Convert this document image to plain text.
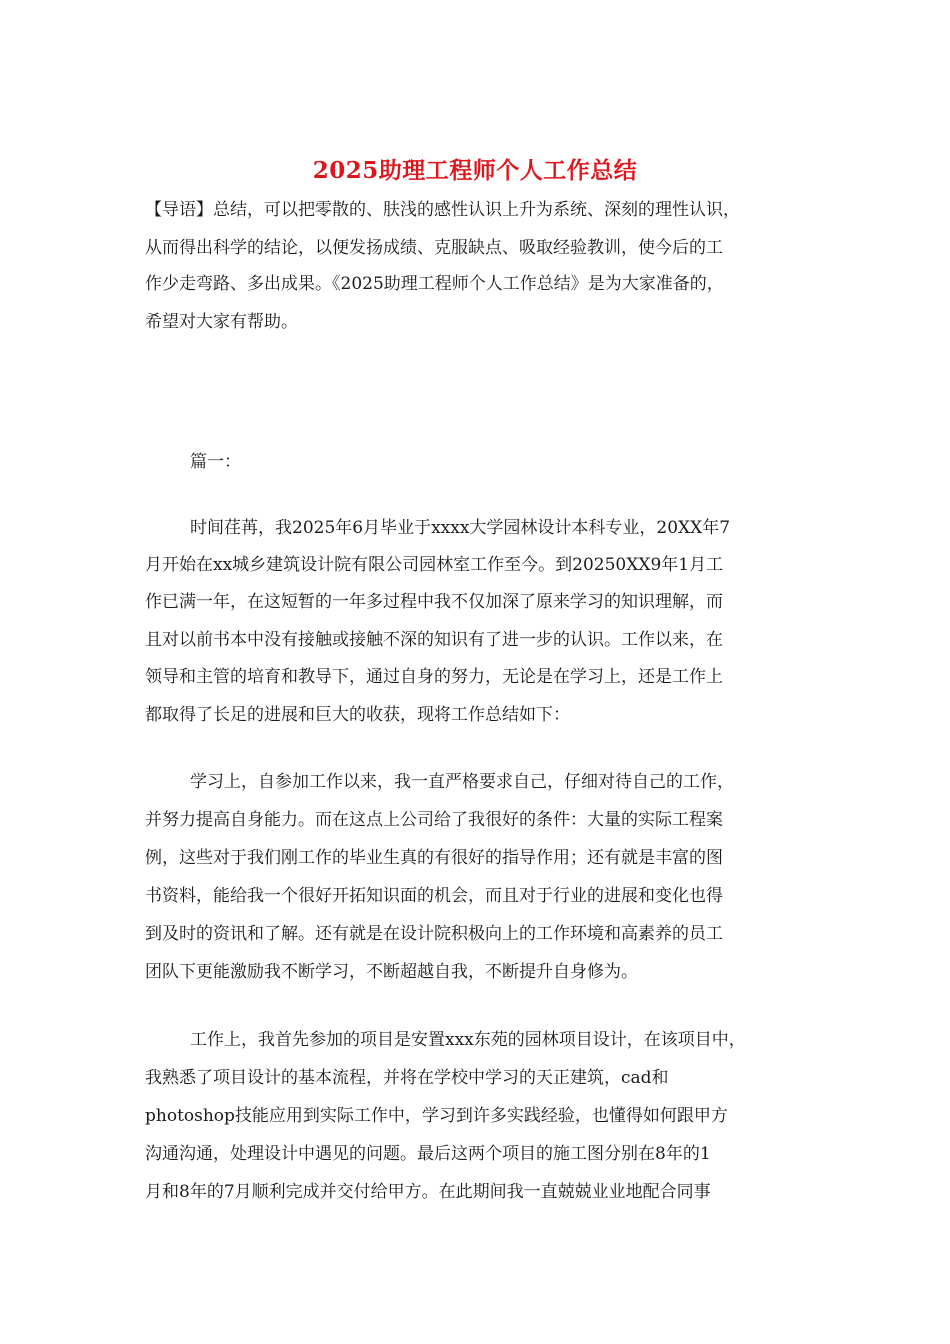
2025助理工程师个人工作总结
【导语】总结，可以把零散的、肤浅的感性认识上升为系统、深刻的理性认识，
从而得出科学的结论，以便发扬成绩、克服缺点、吸取经验教训，使今后的工
作少走弯路、多出成果。《2025助理工程师个人工作总结》是为大家准备的，
希望对大家有帮助。
篇一：
时间荏苒，我2025年6月毕业于xxxx大学园林设计本科专业，20XX年7
月开始在xx城乡建筑设计院有限公司园林室工作至今。到20250XX9年1月工
作已满一年，在这短暂的一年多过程中我不仅加深了原来学习的知识理解，而
且对以前书本中没有接触或接触不深的知识有了进一步的认识。工作以来，在
领导和主管的培育和教导下，通过自身的努力，无论是在学习上，还是工作上
都取得了长足的进展和巨大的收获，现将工作总结如下：
学习上，自参加工作以来，我一直严格要求自己，仔细对待自己的工作，
并努力提高自身能力。而在这点上公司给了我很好的条件：大量的实际工程案
例，这些对于我们刚工作的毕业生真的有很好的指导作用；还有就是丰富的图
书资料，能给我一个很好开拓知识面的机会，而且对于行业的进展和变化也得
到及时的资讯和了解。还有就是在设计院积极向上的工作环境和高素养的员工
团队下更能激励我不断学习，不断超越自我，不断提升自身修为。
工作上，我首先参加的项目是安置xxx东苑的园林项目设计，在该项目中，
我熟悉了项目设计的基本流程，并将在学校中学习的天正建筑，cad和
photoshop技能应用到实际工作中，学习到许多实践经验，也懂得如何跟甲方
沟通沟通，处理设计中遇见的问题。最后这两个项目的施工图分别在8年的1
月和8年的7月顺利完成并交付给甲方。在此期间我一直兢兢业业地配合同事
